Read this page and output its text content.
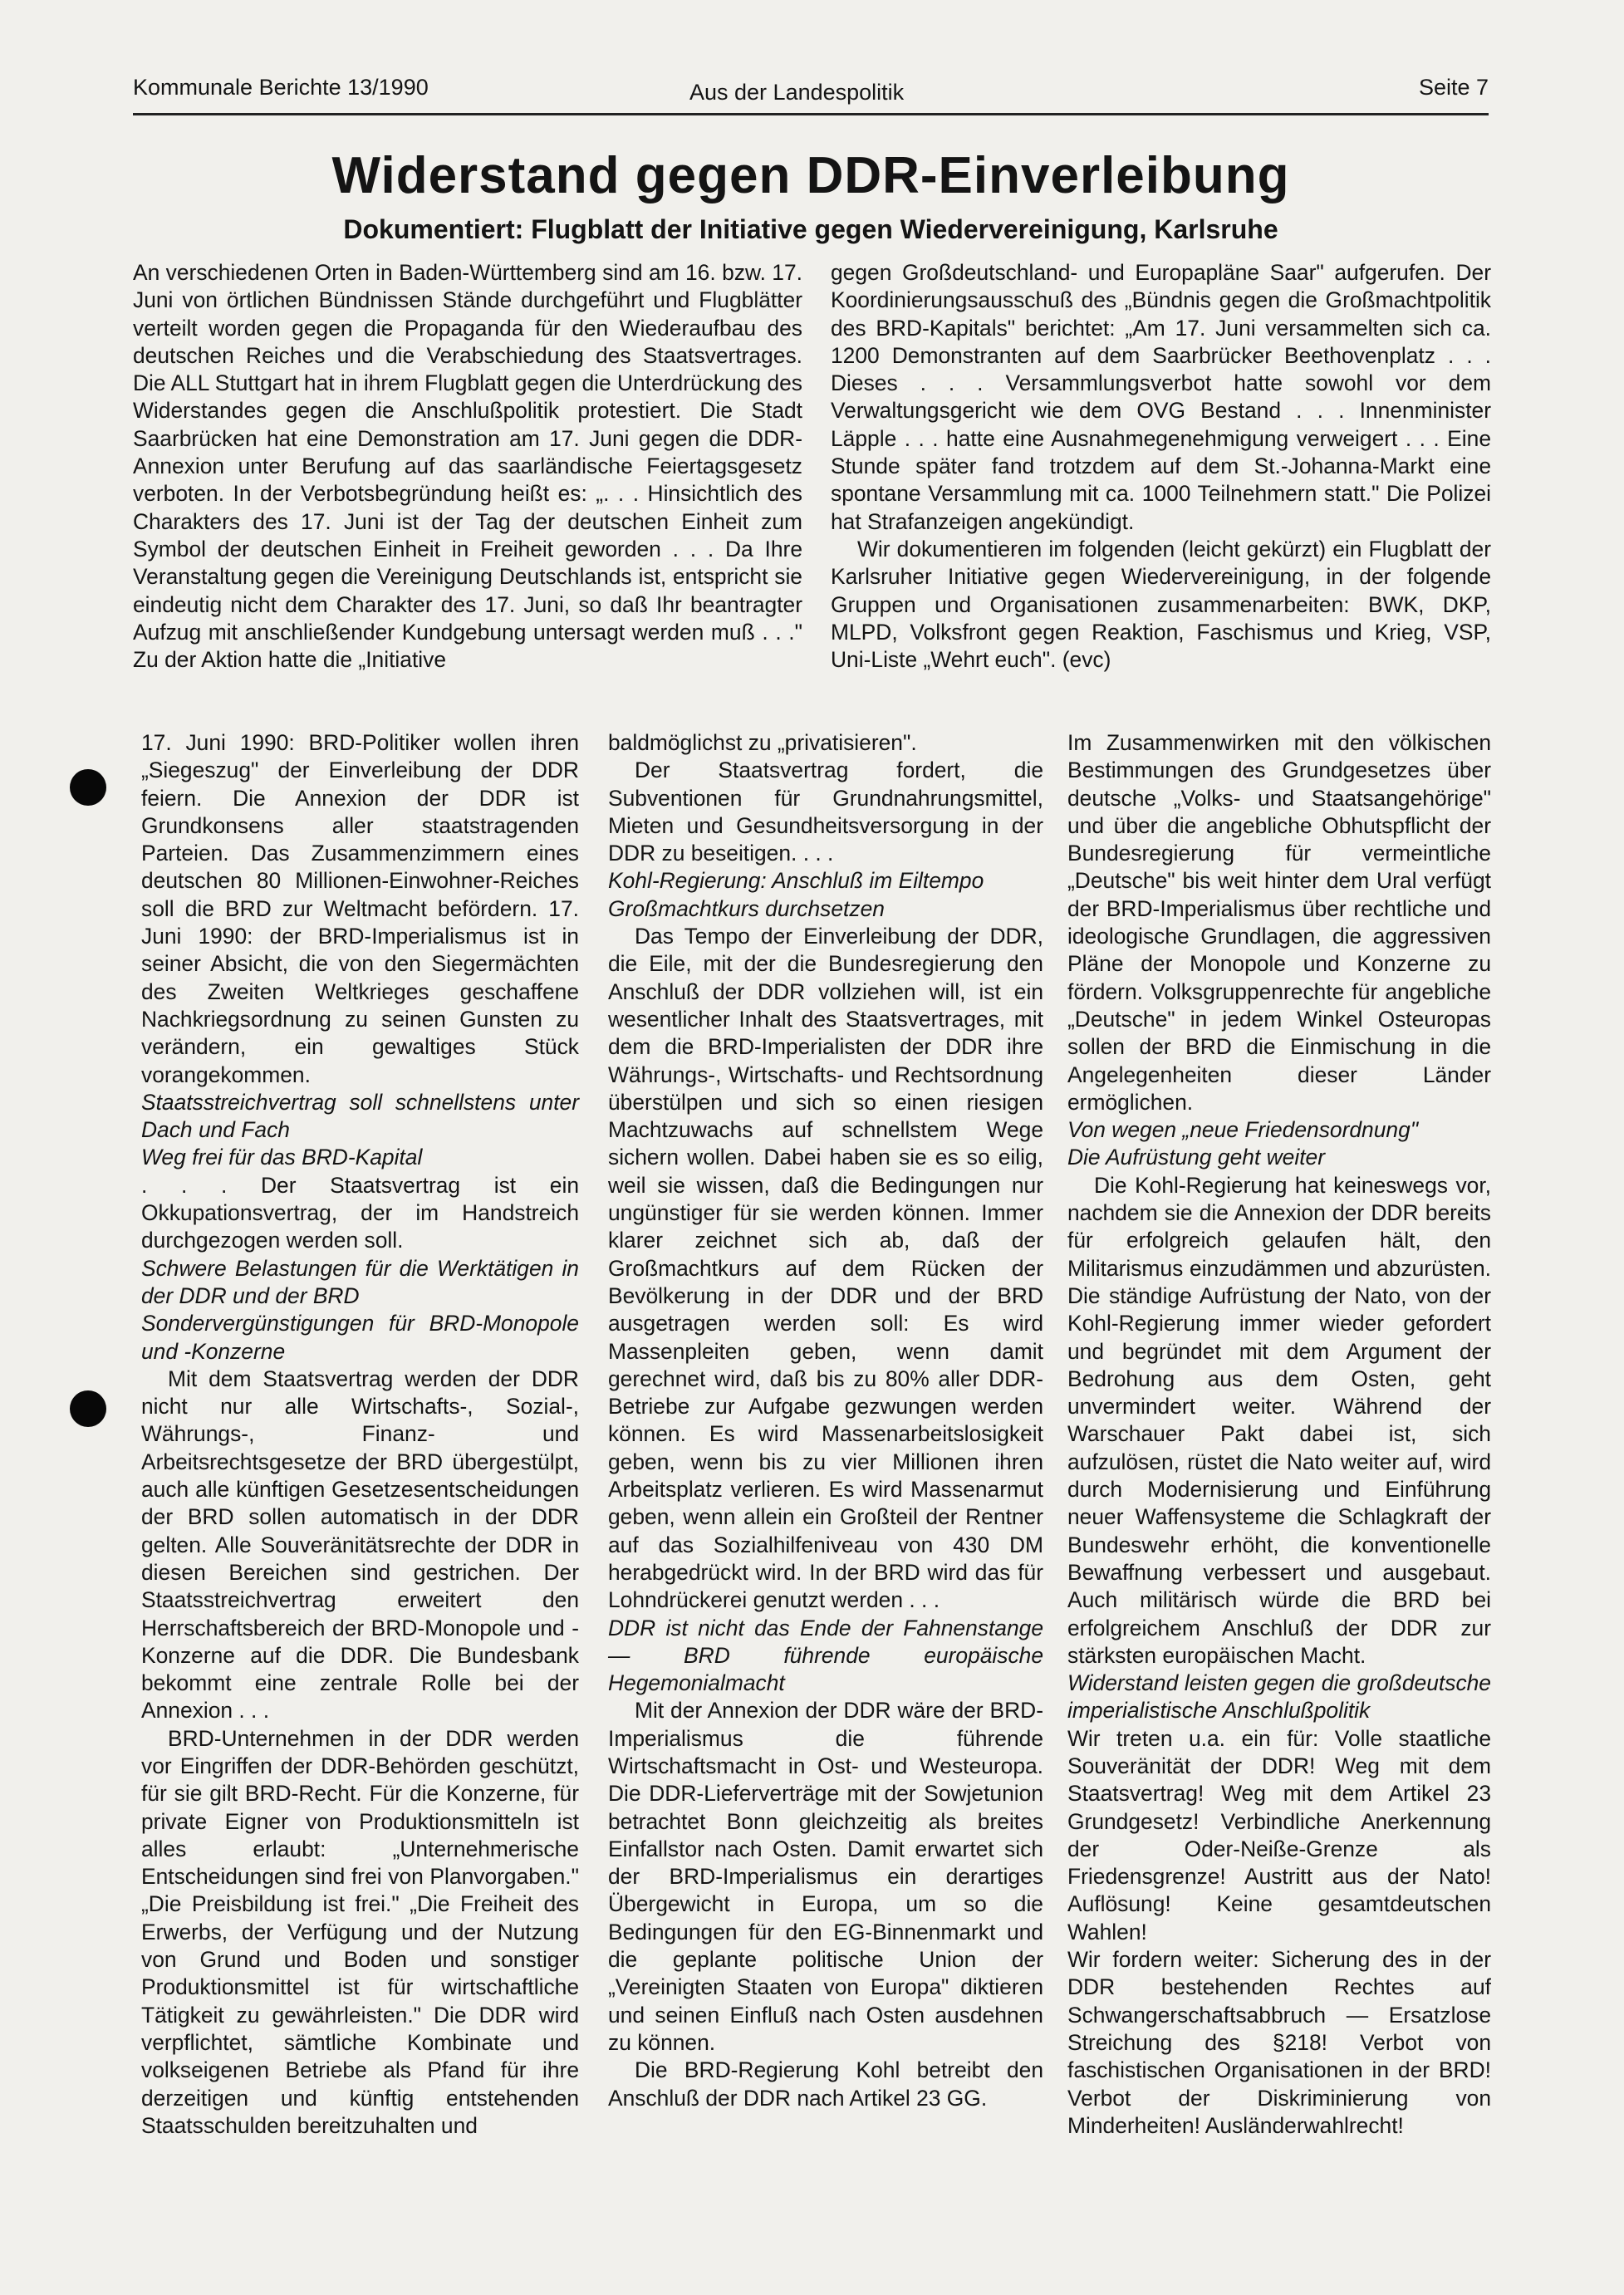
Kommunale Berichte 13/1990	Aus der Landespolitik	Seite 7
Widerstand gegen DDR-Einverleibung
Dokumentiert: Flugblatt der Initiative gegen Wiedervereinigung, Karlsruhe

An verschiedenen Orten in Baden-Württemberg sind am 16. bzw. 17. Juni von örtlichen Bündnissen Stände durchgeführt und Flugblätter verteilt worden gegen die Propaganda für den Wiederaufbau des deutschen Reiches und die Verabschiedung des Staatsvertrages. Die ALL Stuttgart hat in ihrem Flugblatt gegen die Unterdrückung des Widerstandes gegen die Anschlußpolitik protestiert. Die Stadt Saarbrücken hat eine Demonstration am 17. Juni gegen die DDR-Annexion unter Berufung auf das saarländische Feiertagsgesetz verboten. In der Verbotsbegründung heißt es: „. . . Hinsichtlich des Charakters des 17. Juni ist der Tag der deutschen Einheit zum Symbol der deutschen Einheit in Freiheit geworden . . . Da Ihre Veranstaltung gegen die Vereinigung Deutschlands ist, entspricht sie eindeutig nicht dem Charakter des 17. Juni, so daß Ihr beantragter Aufzug mit anschließender Kundgebung untersagt werden muß . . ." Zu der Aktion hatte die „Initiative

gegen Großdeutschland- und Europapläne Saar" aufgerufen. Der Koordinierungsausschuß des „Bündnis gegen die Großmachtpolitik des BRD-Kapitals" berichtet: „Am 17. Juni versammelten sich ca. 1200 Demonstranten auf dem Saarbrücker Beethovenplatz . . . Dieses . . . Versammlungsverbot hatte sowohl vor dem Verwaltungsgericht wie dem OVG Bestand . . . Innenminister Läpple . . . hatte eine Ausnahmegenehmigung verweigert . . . Eine Stunde später fand trotzdem auf dem St.-Johanna-Markt eine spontane Versammlung mit ca. 1000 Teilnehmern statt." Die Polizei hat Strafanzeigen angekündigt.

Wir dokumentieren im folgenden (leicht gekürzt) ein Flugblatt der Karlsruher Initiative gegen Wiedervereinigung, in der folgende Gruppen und Organisationen zusammenarbeiten: BWK, DKP, MLPD, Volksfront gegen Reaktion, Faschismus und Krieg, VSP, Uni-Liste „Wehrt euch". (evc)

17. Juni 1990: BRD-Politiker wollen ihren „Siegeszug" der Einverleibung der DDR feiern. Die Annexion der DDR ist Grundkonsens aller staatstragenden Parteien. Das Zusammenzimmern eines deutschen 80 Millionen-Einwohner-Reiches soll die BRD zur Weltmacht befördern. 17. Juni 1990: der BRD-Imperialismus ist in seiner Absicht, die von den Siegermächten des Zweiten Weltkrieges geschaffene Nachkriegsordnung zu seinen Gunsten zu verändern, ein gewaltiges Stück vorangekommen.

Staatsstreichvertrag soll schnellstens unter Dach und Fach

Weg frei für das BRD-Kapital

. . . Der Staatsvertrag ist ein Okkupationsvertrag, der im Handstreich durchgezogen werden soll.

Schwere Belastungen für die Werktätigen in der DDR und der BRD

Sondervergünstigungen für BRD-Monopole und -Konzerne

Mit dem Staatsvertrag werden der DDR nicht nur alle Wirtschafts-, Sozial-, Währungs-, Finanz- und Arbeitsrechtsgesetze der BRD übergestülpt, auch alle künftigen Gesetzesentscheidungen der BRD sollen automatisch in der DDR gelten. Alle Souveränitätsrechte der DDR in diesen Bereichen sind gestrichen. Der Staatsstreichvertrag erweitert den Herrschaftsbereich der BRD-Monopole und -Konzerne auf die DDR. Die Bundesbank bekommt eine zentrale Rolle bei der Annexion . . .

BRD-Unternehmen in der DDR werden vor Eingriffen der DDR-Behörden geschützt, für sie gilt BRD-Recht. Für die Konzerne, für private Eigner von Produktionsmitteln ist alles erlaubt: „Unternehmerische Entscheidungen sind frei von Planvorgaben." „Die Preisbildung ist frei." „Die Freiheit des Erwerbs, der Verfügung und der Nutzung von Grund und Boden und sonstiger Produktionsmittel ist für wirtschaftliche Tätigkeit zu gewährleisten." Die DDR wird verpflichtet, sämtliche Kombinate und volkseigenen Betriebe als Pfand für ihre derzeitigen und künftig entstehenden Staatsschulden bereitzuhalten und

baldmöglichst zu „privatisieren".

Der Staatsvertrag fordert, die Subventionen für Grundnahrungsmittel, Mieten und Gesundheitsversorgung in der DDR zu beseitigen. . . .

Kohl-Regierung: Anschluß im Eiltempo

Großmachtkurs durchsetzen

Das Tempo der Einverleibung der DDR, die Eile, mit der die Bundesregierung den Anschluß der DDR vollziehen will, ist ein wesentlicher Inhalt des Staatsvertrages, mit dem die BRD-Imperialisten der DDR ihre Währungs-, Wirtschafts- und Rechtsordnung überstülpen und sich so einen riesigen Machtzuwachs auf schnellstem Wege sichern wollen. Dabei haben sie es so eilig, weil sie wissen, daß die Bedingungen nur ungünstiger für sie werden können. Immer klarer zeichnet sich ab, daß der Großmachtkurs auf dem Rücken der Bevölkerung in der DDR und der BRD ausgetragen werden soll: Es wird Massenpleiten geben, wenn damit gerechnet wird, daß bis zu 80% aller DDR-Betriebe zur Aufgabe gezwungen werden können. Es wird Massenarbeitslosigkeit geben, wenn bis zu vier Millionen ihren Arbeitsplatz verlieren. Es wird Massenarmut geben, wenn allein ein Großteil der Rentner auf das Sozialhilfeniveau von 430 DM herabgedrückt wird. In der BRD wird das für Lohndrückerei genutzt werden . . .

DDR ist nicht das Ende der Fahnenstange — BRD führende europäische Hegemonialmacht

Mit der Annexion der DDR wäre der BRD-Imperialismus die führende Wirtschaftsmacht in Ost- und Westeuropa. Die DDR-Lieferverträge mit der Sowjetunion betrachtet Bonn gleichzeitig als breites Einfallstor nach Osten. Damit erwartet sich der BRD-Imperialismus ein derartiges Übergewicht in Europa, um so die Bedingungen für den EG-Binnenmarkt und die geplante politische Union der „Vereinigten Staaten von Europa" diktieren und seinen Einfluß nach Osten ausdehnen zu können.

Die BRD-Regierung Kohl betreibt den Anschluß der DDR nach Artikel 23 GG.

Im Zusammenwirken mit den völkischen Bestimmungen des Grundgesetzes über deutsche „Volks- und Staatsangehörige" und über die angebliche Obhutspflicht der Bundesregierung für vermeintliche „Deutsche" bis weit hinter dem Ural verfügt der BRD-Imperialismus über rechtliche und ideologische Grundlagen, die aggressiven Pläne der Monopole und Konzerne zu fördern. Volksgruppenrechte für angebliche „Deutsche" in jedem Winkel Osteuropas sollen der BRD die Einmischung in die Angelegenheiten dieser Länder ermöglichen.

Von wegen „neue Friedensordnung"

Die Aufrüstung geht weiter

Die Kohl-Regierung hat keineswegs vor, nachdem sie die Annexion der DDR bereits für erfolgreich gelaufen hält, den Militarismus einzudämmen und abzurüsten. Die ständige Aufrüstung der Nato, von der Kohl-Regierung immer wieder gefordert und begründet mit dem Argument der Bedrohung aus dem Osten, geht unvermindert weiter. Während der Warschauer Pakt dabei ist, sich aufzulösen, rüstet die Nato weiter auf, wird durch Modernisierung und Einführung neuer Waffensysteme die Schlagkraft der Bundeswehr erhöht, die konventionelle Bewaffnung verbessert und ausgebaut. Auch militärisch würde die BRD bei erfolgreichem Anschluß der DDR zur stärksten europäischen Macht.

Widerstand leisten gegen die großdeutsche imperialistische Anschlußpolitik

Wir treten u.a. ein für: Volle staatliche Souveränität der DDR! Weg mit dem Staatsvertrag! Weg mit dem Artikel 23 Grundgesetz! Verbindliche Anerkennung der Oder-Neiße-Grenze als Friedensgrenze! Austritt aus der Nato! Auflösung! Keine gesamtdeutschen Wahlen!

Wir fordern weiter: Sicherung des in der DDR bestehenden Rechtes auf Schwangerschaftsabbruch — Ersatzlose Streichung des §218! Verbot von faschistischen Organisationen in der BRD! Verbot der Diskriminierung von Minderheiten! Ausländerwahlrecht!
